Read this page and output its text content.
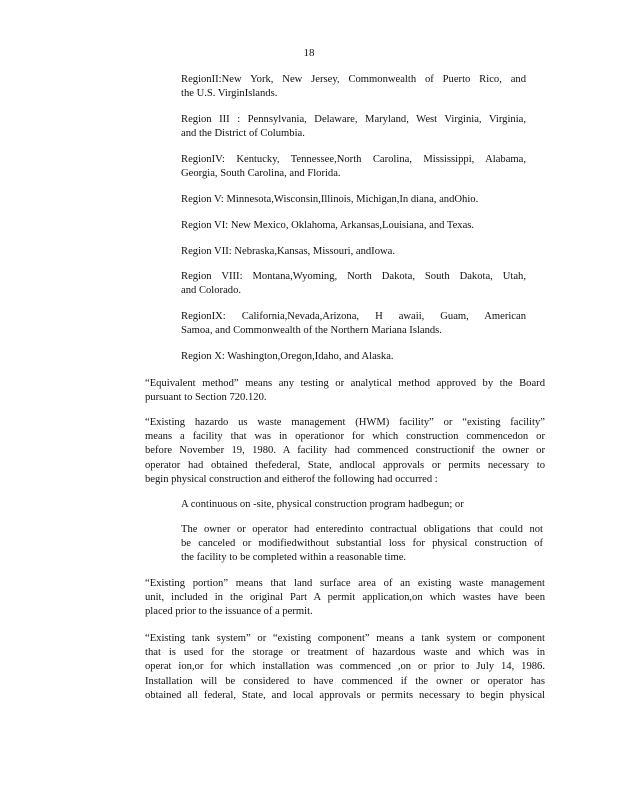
18
RegionII:New York, New Jersey, Commonwealth of Puerto Rico, and
the U.S. VirginIslands.
Region III : Pennsylvania, Delaware, Maryland, West Virginia, Virginia,
and the District of Columbia.
RegionIV: Kentucky, Tennessee,North Carolina, Mississippi, Alabama,
Georgia, South Carolina, and Florida.
Region V: Minnesota,Wisconsin,Illinois, Michigan,In diana, andOhio.
Region VI: New Mexico, Oklahoma, Arkansas,Louisiana, and Texas.
Region VII: Nebraska,Kansas, Missouri, andIowa.
Region VIII: Montana,Wyoming, North Dakota, South Dakota, Utah,
and Colorado.
RegionIX: California,Nevada,Arizona, H awaii, Guam, American
Samoa, and Commonwealth of the Northern Mariana Islands.
Region X: Washington,Oregon,Idaho, and Alaska.
“Equivalent method” means any testing or analytical method approved by the Board
pursuant to Section 720.120.
“Existing hazardo us waste management (HWM) facility” or “existing facility”
means a facility that was in operationor for which construction commencedon or
before November 19, 1980. A facility had commenced constructionif the owner or
operator had obtained thefederal, State, andlocal approvals or permits necessary to
begin physical construction and eitherof the following had occurred :
A continuous on -site, physical construction program hadbegun; or
The owner or operator had enteredinto contractual obligations that could not
be canceled or modifiedwithout substantial loss for physical construction of
the facility to be completed within a reasonable time.
“Existing portion” means that land surface area of an existing waste management
unit, included in the original Part A permit application,on which wastes have been
placed prior to the issuance of a permit.
“Existing tank system” or “existing component” means a tank system or component
that is used for the storage or treatment of hazardous waste and which was in
operat ion,or for which installation was commenced ,on or prior to July 14, 1986.
Installation will be considered to have commenced if the owner or operator has
obtained all federal, State, and local approvals or permits necessary to begin physical
